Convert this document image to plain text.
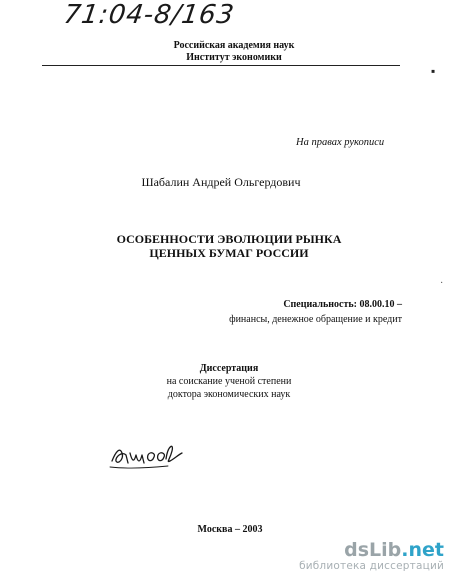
71:04-8/163
Российская академия наук
Институт экономики
▪
·
На правах рукописи
Шабалин Андрей Ольгердович
ОСОБЕННОСТИ ЭВОЛЮЦИИ РЫНКА
ЦЕННЫХ БУМАГ РОССИИ
Специальность: 08.00.10 –
финансы, денежное обращение и кредит
Диссертация
на соискание ученой степени
доктора экономических наук
Москва – 2003
dsLib.net
библиотека диссертаций
